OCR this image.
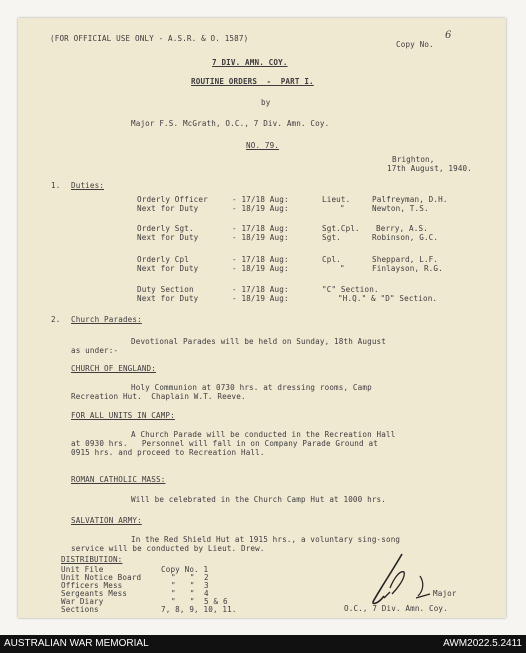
(FOR OFFICIAL USE ONLY - A.S.R. & O. 1587)
Copy No.
6
7 DIV. AMN. COY.
ROUTINE ORDERS  -  PART I.
by
Major F.S. McGrath, O.C., 7 Div. Amn. Coy.
NO. 79.
Brighton,
17th August, 1940.
1. Duties:
Orderly Officer	- 17/18 Aug:	Lieut.	Palfreyman, D.H.
Next for Duty	- 18/19 Aug:	"	Newton, T.S.
Orderly Sgt.	- 17/18 Aug:	Sgt.Cpl. Berry, A.S.
Next for Duty	- 18/19 Aug:	Sgt.	Robinson, G.C.
Orderly Cpl	- 17/18 Aug:	Cpl.	Sheppard, L.F.
Next for Duty	- 18/19 Aug:	"	Finlayson, R.G.
Duty Section	- 17/18 Aug:	"C" Section.
Next for Duty	- 18/19 Aug:	"H.Q." & "D" Section.
2. Church Parades:
Devotional Parades will be held on Sunday, 18th August
as under:-
CHURCH OF ENGLAND:
Holy Communion at 0730 hrs. at dressing rooms, Camp
Recreation Hut.  Chaplain W.T. Reeve.
FOR ALL UNITS IN CAMP:
A Church Parade will be conducted in the Recreation Hall
at 0930 hrs.   Personnel will fall in on Company Parade Ground at
0915 hrs. and proceed to Recreation Hall.
ROMAN CATHOLIC MASS:
Will be celebrated in the Church Camp Hut at 1000 hrs.
SALVATION ARMY:
In the Red Shield Hut at 1915 hrs., a voluntary sing-song
service will be conducted by Lieut. Drew.
DISTRIBUTION:
Unit File	Copy No. 1
Unit Notice Board	"   "  2
Officers Mess	"   "  3
Sergeants Mess	"   "  4
War Diary	"   "  5 & 6
Sections	7, 8, 9, 10, 11.
Major
O.C., 7 Div. Amn. Coy.
AUSTRALIAN WAR MEMORIAL	AWM2022.5.2411
